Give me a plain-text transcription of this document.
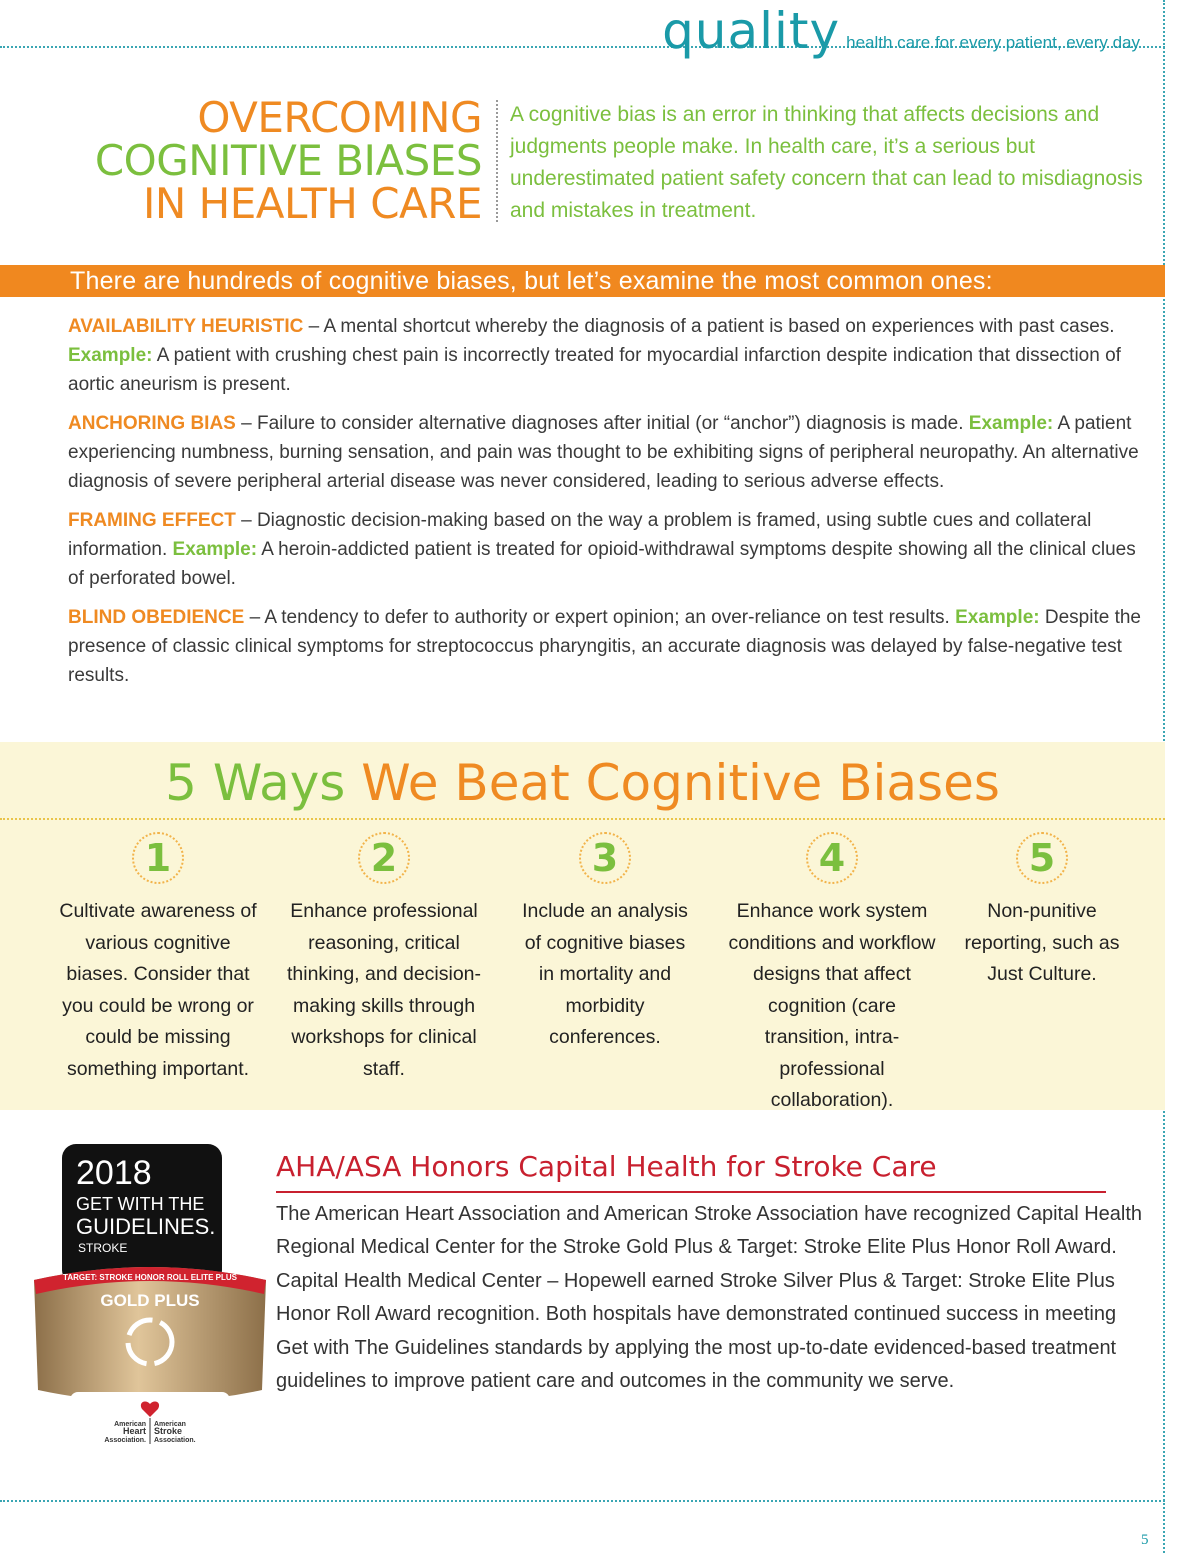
quality health care for every patient, every day
OVERCOMING
COGNITIVE BIASES
IN HEALTH CARE
A cognitive bias is an error in thinking that affects decisions and judgments people make. In health care, it’s a serious but underestimated patient safety concern that can lead to misdiagnosis and mistakes in treatment.
There are hundreds of cognitive biases, but let’s examine the most common ones:

AVAILABILITY HEURISTIC – A mental shortcut whereby the diagnosis of a patient is based on experiences with past cases. Example: A patient with crushing chest pain is incorrectly treated for myocardial infarction despite indication that dissection of aortic aneurism is present.

ANCHORING BIAS – Failure to consider alternative diagnoses after initial (or “anchor”) diagnosis is made. Example: A patient experiencing numbness, burning sensation, and pain was thought to be exhibiting signs of peripheral neuropathy. An alternative diagnosis of severe peripheral arterial disease was never considered, leading to serious adverse effects.

FRAMING EFFECT – Diagnostic decision-making based on the way a problem is framed, using subtle cues and collateral information. Example: A heroin-addicted patient is treated for opioid-withdrawal symptoms despite showing all the clinical clues of perforated bowel.

BLIND OBEDIENCE – A tendency to defer to authority or expert opinion; an over-reliance on test results. Example: Despite the presence of classic clinical symptoms for streptococcus pharyngitis, an accurate diagnosis was delayed by false-negative test results.

5 Ways We Beat Cognitive Biases
1
Cultivate awareness of various cognitive biases. Consider that you could be wrong or could be missing something important.
2
Enhance professional reasoning, critical thinking, and decision-making skills through workshops for clinical staff.
3
Include an analysis of cognitive biases in mortality and morbidity conferences.
4
Enhance work system conditions and workflow designs that affect cognition (care transition, intra-professional collaboration).
5
Non-punitive reporting, such as Just Culture.
2018
GET WITH THE
GUIDELINES.
STROKE
TARGET: STROKE HONOR ROLL ELITE PLUS
GOLD PLUS
American
Heart
Association.
American
Stroke
Association.
AHA/ASA Honors Capital Health for Stroke Care
The American Heart Association and American Stroke Association have recognized Capital Health Regional Medical Center for the Stroke Gold Plus & Target: Stroke Elite Plus Honor Roll Award. Capital Health Medical Center – Hopewell earned Stroke Silver Plus & Target: Stroke Elite Plus Honor Roll Award recognition. Both hospitals have demonstrated continued success in meeting Get with The Guidelines standards by applying the most up-to-date evidenced-based treatment guidelines to improve patient care and outcomes in the community we serve.
5
